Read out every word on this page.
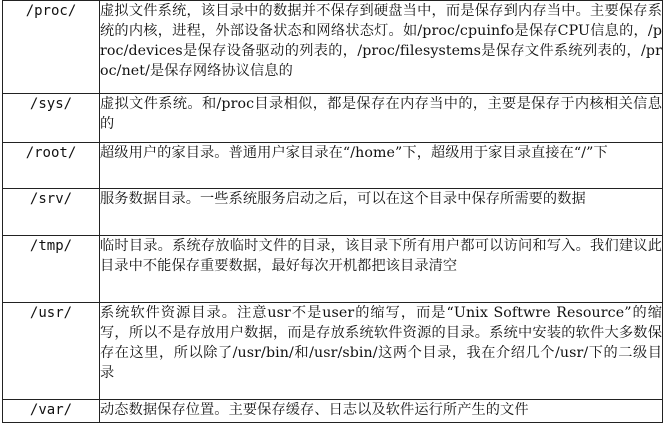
/proc/	虚拟文件系统，该目录中的数据并不保存到硬盘当中，而是保存到内存当中。主要保存系统的内核，进程，外部设备状态和网络状态灯。如/proc/cpuinfo是保存CPU信息的，/proc/devices是保存设备驱动的列表的，/proc/filesystems是保存文件系统列表的，/proc/net/是保存网络协议信息的
/sys/	虚拟文件系统。和/proc目录相似，都是保存在内存当中的，主要是保存于内核相关信息的
/root/	超级用户的家目录。普通用户家目录在“/home”下，超级用于家目录直接在“/”下
/srv/	服务数据目录。一些系统服务启动之后，可以在这个目录中保存所需要的数据
/tmp/	临时目录。系统存放临时文件的目录，该目录下所有用户都可以访问和写入。我们建议此目录中不能保存重要数据，最好每次开机都把该目录清空
/usr/	系统软件资源目录。注意usr不是user的缩写，而是“Unix Softwre Resource”的缩写，所以不是存放用户数据，而是存放系统软件资源的目录。系统中安装的软件大多数保存在这里，所以除了/usr/bin/和/usr/sbin/这两个目录，我在介绍几个/usr/下的二级目录
/var/	动态数据保存位置。主要保存缓存、日志以及软件运行所产生的文件
